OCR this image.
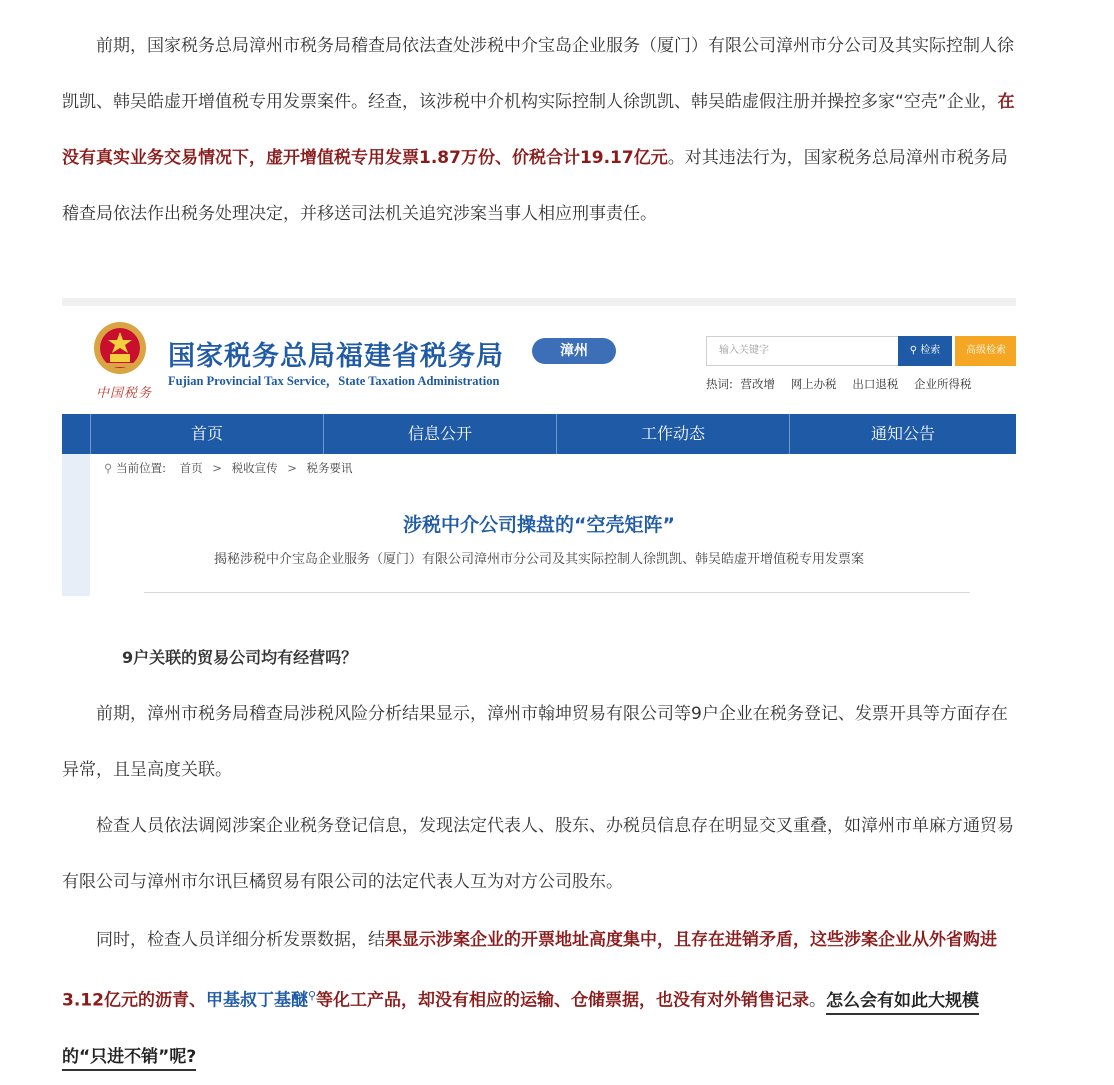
前期，国家税务总局漳州市税务局稽查局依法查处涉税中介宝岛企业服务（厦门）有限公司漳州市分公司及其实际控制人徐凯凯、韩吴皓虚开增值税专用发票案件。经查，该涉税中介机构实际控制人徐凯凯、韩吴皓虚假注册并操控多家“空壳”企业，在没有真实业务交易情况下，虚开增值税专用发票1.87万份、价税合计19.17亿元。对其违法行为，国家税务总局漳州市税务局稽查局依法作出税务处理决定，并移送司法机关追究涉案当事人相应刑事责任。

中国税务
国家税务总局福建省税务局
Fujian Provincial Tax Service，State Taxation Administration
漳州	输入关键字	⚲ 检索	高级检索
热词: 营改增 网上办税 出口退税 企业所得税
首页	信息公开	工作动态	通知公告
⚲ 当前位置: 首页 > 税收宣传 > 税务要讯
涉税中介公司操盘的“空壳矩阵”
揭秘涉税中介宝岛企业服务（厦门）有限公司漳州市分公司及其实际控制人徐凯凯、韩吴皓虚开增值税专用发票案
9户关联的贸易公司均有经营吗？

前期，漳州市税务局稽查局涉税风险分析结果显示，漳州市翰坤贸易有限公司等9户企业在税务登记、发票开具等方面存在异常，且呈高度关联。

检查人员依法调阅涉案企业税务登记信息，发现法定代表人、股东、办税员信息存在明显交叉重叠，如漳州市单麻方通贸易有限公司与漳州市尔讯巨橘贸易有限公司的法定代表人互为对方公司股东。

同时，检查人员详细分析发票数据，结果显示涉案企业的开票地址高度集中，且存在进销矛盾，这些涉案企业从外省购进3.12亿元的沥青、甲基叔丁基醚⚲等化工产品，却没有相应的运输、仓储票据，也没有对外销售记录。怎么会有如此大规模的“只进不销”呢?
